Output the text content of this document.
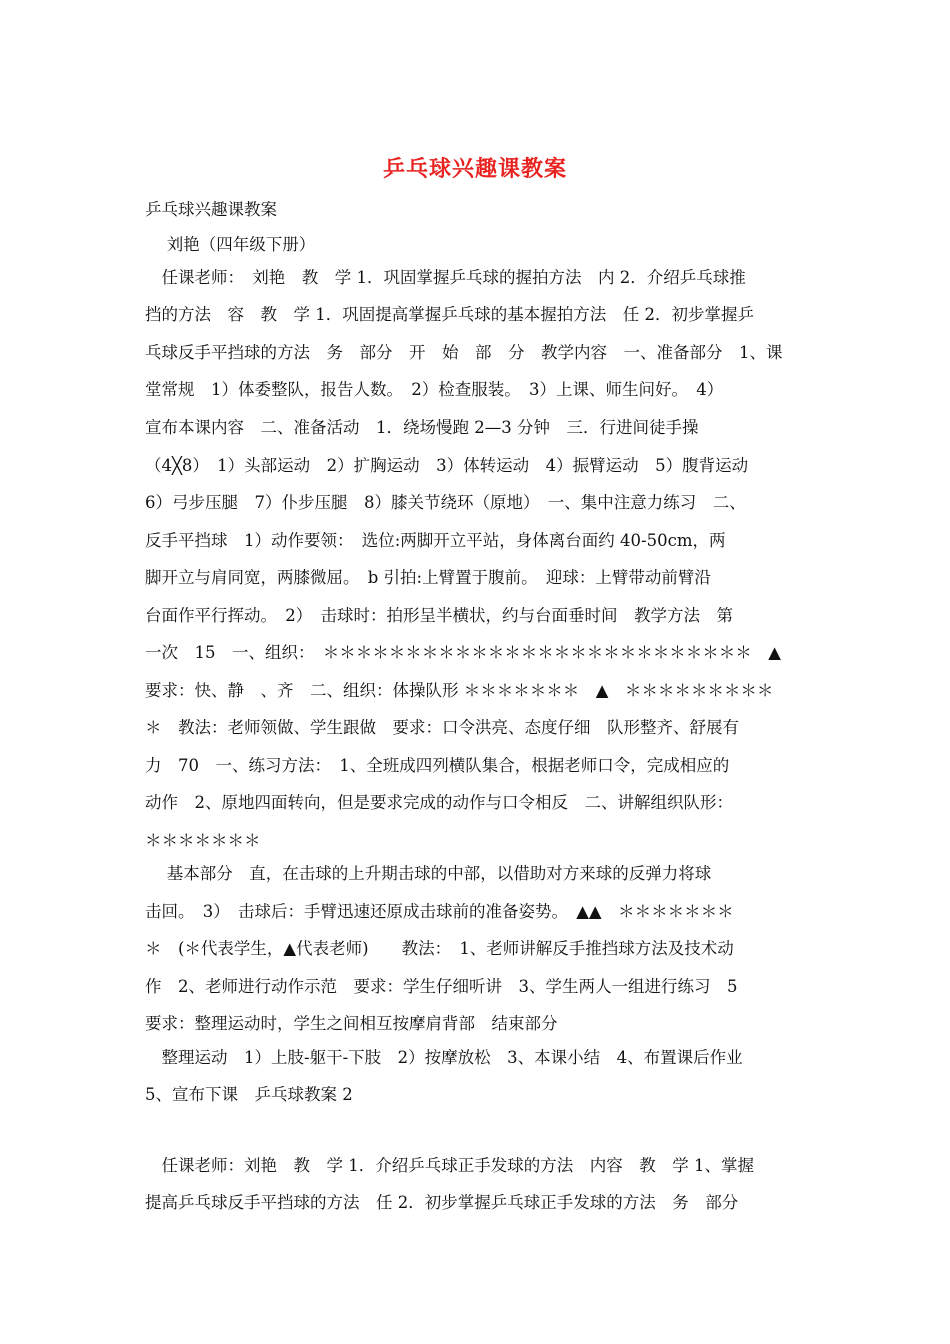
乒乓球兴趣课教案
乒乓球兴趣课教案
　 刘艳（四年级下册）
　任课老师：　刘艳　教　学 1．巩固掌握乒乓球的握拍方法　内 2．介绍乒乓球推
挡的方法　容　教　学 1．巩固提高掌握乒乓球的基本握拍方法　任 2．初步掌握乒
乓球反手平挡球的方法　务　部分　开　始　部　分　教学内容　一、准备部分　1、课
堂常规　1）体委整队，报告人数。　2）检查服装。　3）上课、师生问好。　4）
宣布本课内容　二、准备活动　1．绕场慢跑 2—3 分钟　三．行进间徒手操
（4╳8）　1）头部运动　2）扩胸运动　3）体转运动　4）振臂运动　5）腹背运动
6）弓步压腿　7）仆步压腿　8）膝关节绕环（原地）　一、集中注意力练习　二、
反手平挡球　1）动作要领：　选位:两脚开立平站，身体离台面约 40-50cm，两
脚开立与肩同宽，两膝微屈。　b 引拍:上臂置于腹前。　迎球：上臂带动前臂沿
台面作平行挥动。　2）　击球时：拍形呈半横状，约与台面垂时间　教学方法　第
一次　15　一、组织：　＊＊＊＊＊＊＊＊＊＊＊＊＊＊＊＊＊＊＊＊＊＊＊＊＊＊　▲
要求：快、静　、齐　二、组织：体操队形 ＊＊＊＊＊＊＊　▲　＊＊＊＊＊＊＊＊＊
＊　教法：老师领做、学生跟做　要求：口令洪亮、态度仔细　队形整齐、舒展有
力　70　一、练习方法：　1、全班成四列横队集合，根据老师口令，完成相应的
动作　2、原地四面转向，但是要求完成的动作与口令相反　二、讲解组织队形：
＊＊＊＊＊＊＊
　 基本部分　直，在击球的上升期击球的中部，以借助对方来球的反弹力将球
击回。　3）　击球后：手臂迅速还原成击球前的准备姿势。　▲▲　＊＊＊＊＊＊＊
＊　(＊代表学生，▲代表老师)　　教法：　1、老师讲解反手推挡球方法及技术动
作　2、老师进行动作示范　要求：学生仔细听讲　3、学生两人一组进行练习　5
要求：整理运动时，学生之间相互按摩肩背部　结束部分
　整理运动　1）上肢-躯干-下肢　2）按摩放松　3、本课小结　4、布置课后作业
5、宣布下课　乒乓球教案 2
　任课老师：刘艳　教　学 1．介绍乒乓球正手发球的方法　内容　教　学 1、掌握
提高乒乓球反手平挡球的方法　任 2．初步掌握乒乓球正手发球的方法　务　部分
